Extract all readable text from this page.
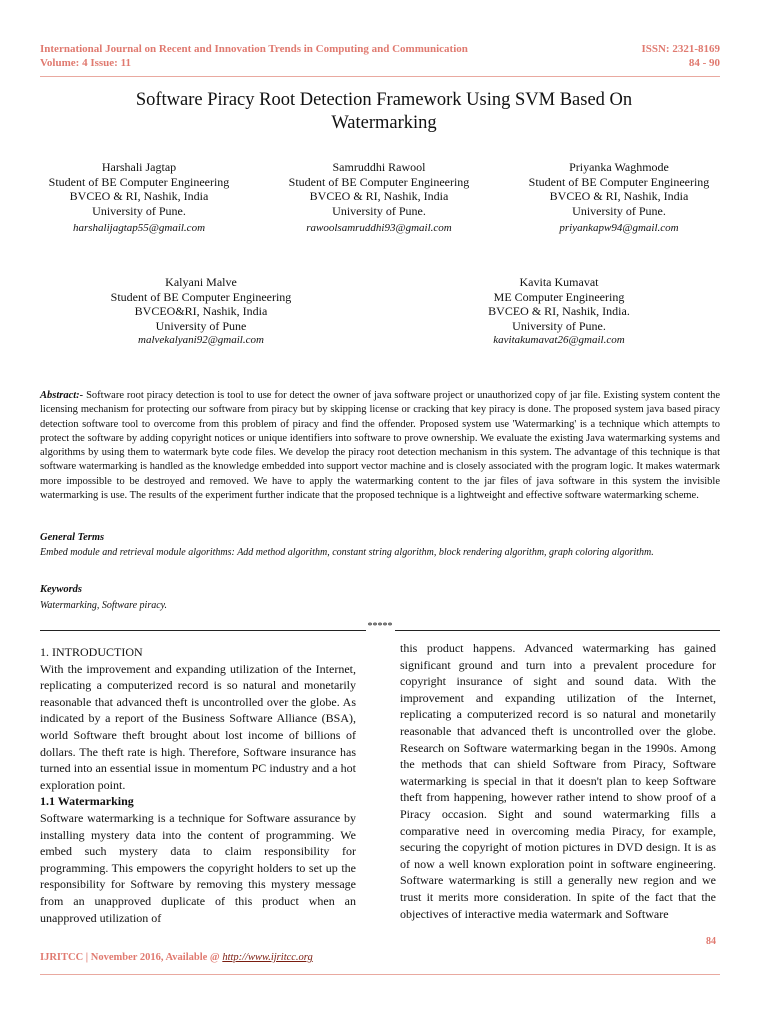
International Journal on Recent and Innovation Trends in Computing and Communication
Volume: 4 Issue: 11
ISSN: 2321-8169
84 - 90
Software Piracy Root Detection Framework Using SVM Based On
Watermarking
Harshali Jagtap
Student of BE Computer Engineering
BVCEO & RI, Nashik, India
University of Pune.
harshalijagtap55@gmail.com
Samruddhi Rawool
Student of BE Computer Engineering
BVCEO & RI, Nashik, India
University of Pune.
rawoolsamruddhi93@gmail.com
Priyanka Waghmode
Student of BE Computer Engineering
BVCEO & RI, Nashik, India
University of Pune.
priyankapw94@gmail.com
Kalyani Malve
Student of BE Computer Engineering
BVCEO&RI, Nashik, India
University of Pune
malvekalyani92@gmail.com
Kavita Kumavat
ME Computer Engineering
BVCEO & RI, Nashik, India.
University of Pune.
kavitakumavat26@gmail.com
Abstract:- Software root piracy detection is tool to use for detect the owner of java software project or unauthorized copy of jar file. Existing system content the licensing mechanism for protecting our software from piracy but by skipping license or cracking that key piracy is done. The proposed system java based piracy detection software tool to overcome from this problem of piracy and find the offender. Proposed system use 'Watermarking' is a technique which attempts to protect the software by adding copyright notices or unique identifiers into software to prove ownership. We evaluate the existing Java watermarking systems and algorithms by using them to watermark byte code files. We develop the piracy root detection mechanism in this system. The advantage of this technique is that software watermarking is handled as the knowledge embedded into support vector machine and is closely associated with the program logic. It makes watermark more impossible to be destroyed and removed. We have to apply the watermarking content to the jar files of java software in this system the invisible watermarking is use. The results of the experiment further indicate that the proposed technique is a lightweight and effective software watermarking scheme.
General Terms
Embed module and retrieval module algorithms: Add method algorithm, constant string algorithm, block rendering algorithm, graph coloring algorithm.
Keywords
Watermarking, Software piracy.
*****

1. INTRODUCTION

With the improvement and expanding utilization of the Internet, replicating a computerized record is so natural and monetarily reasonable that advanced theft is uncontrolled over the globe. As indicated by a report of the Business Software Alliance (BSA), world Software theft brought about lost income of billions of dollars. The theft rate is high. Therefore, Software insurance has turned into an essential issue in momentum PC industry and a hot exploration point.

1.1 Watermarking

Software watermarking is a technique for Software assurance by installing mystery data into the content of programming. We embed such mystery data to claim responsibility for programming. This empowers the copyright holders to set up the responsibility for Software by removing this mystery message from an unapproved duplicate of this product when an unapproved utilization of

this product happens. Advanced watermarking has gained significant ground and turn into a prevalent procedure for copyright insurance of sight and sound data. With the improvement and expanding utilization of the Internet, replicating a computerized record is so natural and monetarily reasonable that advanced theft is uncontrolled over the globe. Research on Software watermarking began in the 1990s. Among the methods that can shield Software from Piracy, Software watermarking is special in that it doesn't plan to keep Software theft from happening, however rather intend to show proof of a Piracy occasion. Sight and sound watermarking fills a comparative need in overcoming media Piracy, for example, securing the copyright of motion pictures in DVD design. It is as of now a well known exploration point in software engineering. Software watermarking is still a generally new region and we trust it merits more consideration. In spite of the fact that the objectives of interactive media watermark and Software

84
IJRITCC | November 2016, Available @ http://www.ijritcc.org
